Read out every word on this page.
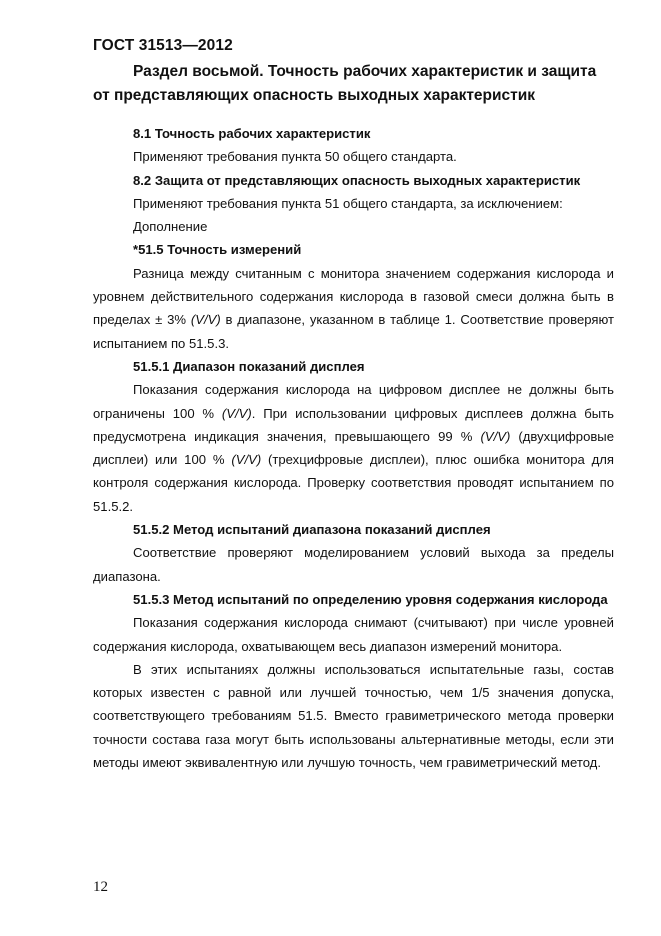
ГОСТ 31513—2012
Раздел восьмой. Точность рабочих характеристик и защита
от представляющих опасность выходных характеристик

8.1 Точность рабочих характеристик

Применяют требования пункта 50 общего стандарта.

8.2 Защита от представляющих опасность выходных характеристик

Применяют требования пункта 51 общего стандарта, за исключением:

Дополнение

*51.5 Точность измерений

Разница между считанным с монитора значением содержания кислорода и уровнем действительного содержания кислорода в газовой смеси должна быть в пределах ± 3% (V/V) в диапазоне, указанном в таблице 1. Соответствие проверяют испытанием по 51.5.3.

51.5.1 Диапазон показаний дисплея

Показания содержания кислорода на цифровом дисплее не должны быть ограничены 100 % (V/V). При использовании цифровых дисплеев должна быть предусмотрена индикация значения, превышающего 99 % (V/V) (двухцифровые дисплеи) или 100 % (V/V) (трехцифровые дисплеи), плюс ошибка монитора для контроля содержания кислорода. Проверку соответствия проводят испытанием по 51.5.2.

51.5.2 Метод испытаний диапазона показаний дисплея

Соответствие проверяют моделированием условий выхода за пределы диапазона.

51.5.3 Метод испытаний по определению уровня содержания кислорода

Показания содержания кислорода снимают (считывают) при числе уровней содержания кислорода, охватывающем весь диапазон измерений монитора.

В этих испытаниях должны использоваться испытательные газы, состав которых известен с равной или лучшей точностью, чем 1/5 значения допуска, соответствующего требованиям 51.5. Вместо гравиметрического метода проверки точности состава газа могут быть использованы альтернативные методы, если эти методы имеют эквивалентную или лучшую точность, чем гравиметрический метод.

12
